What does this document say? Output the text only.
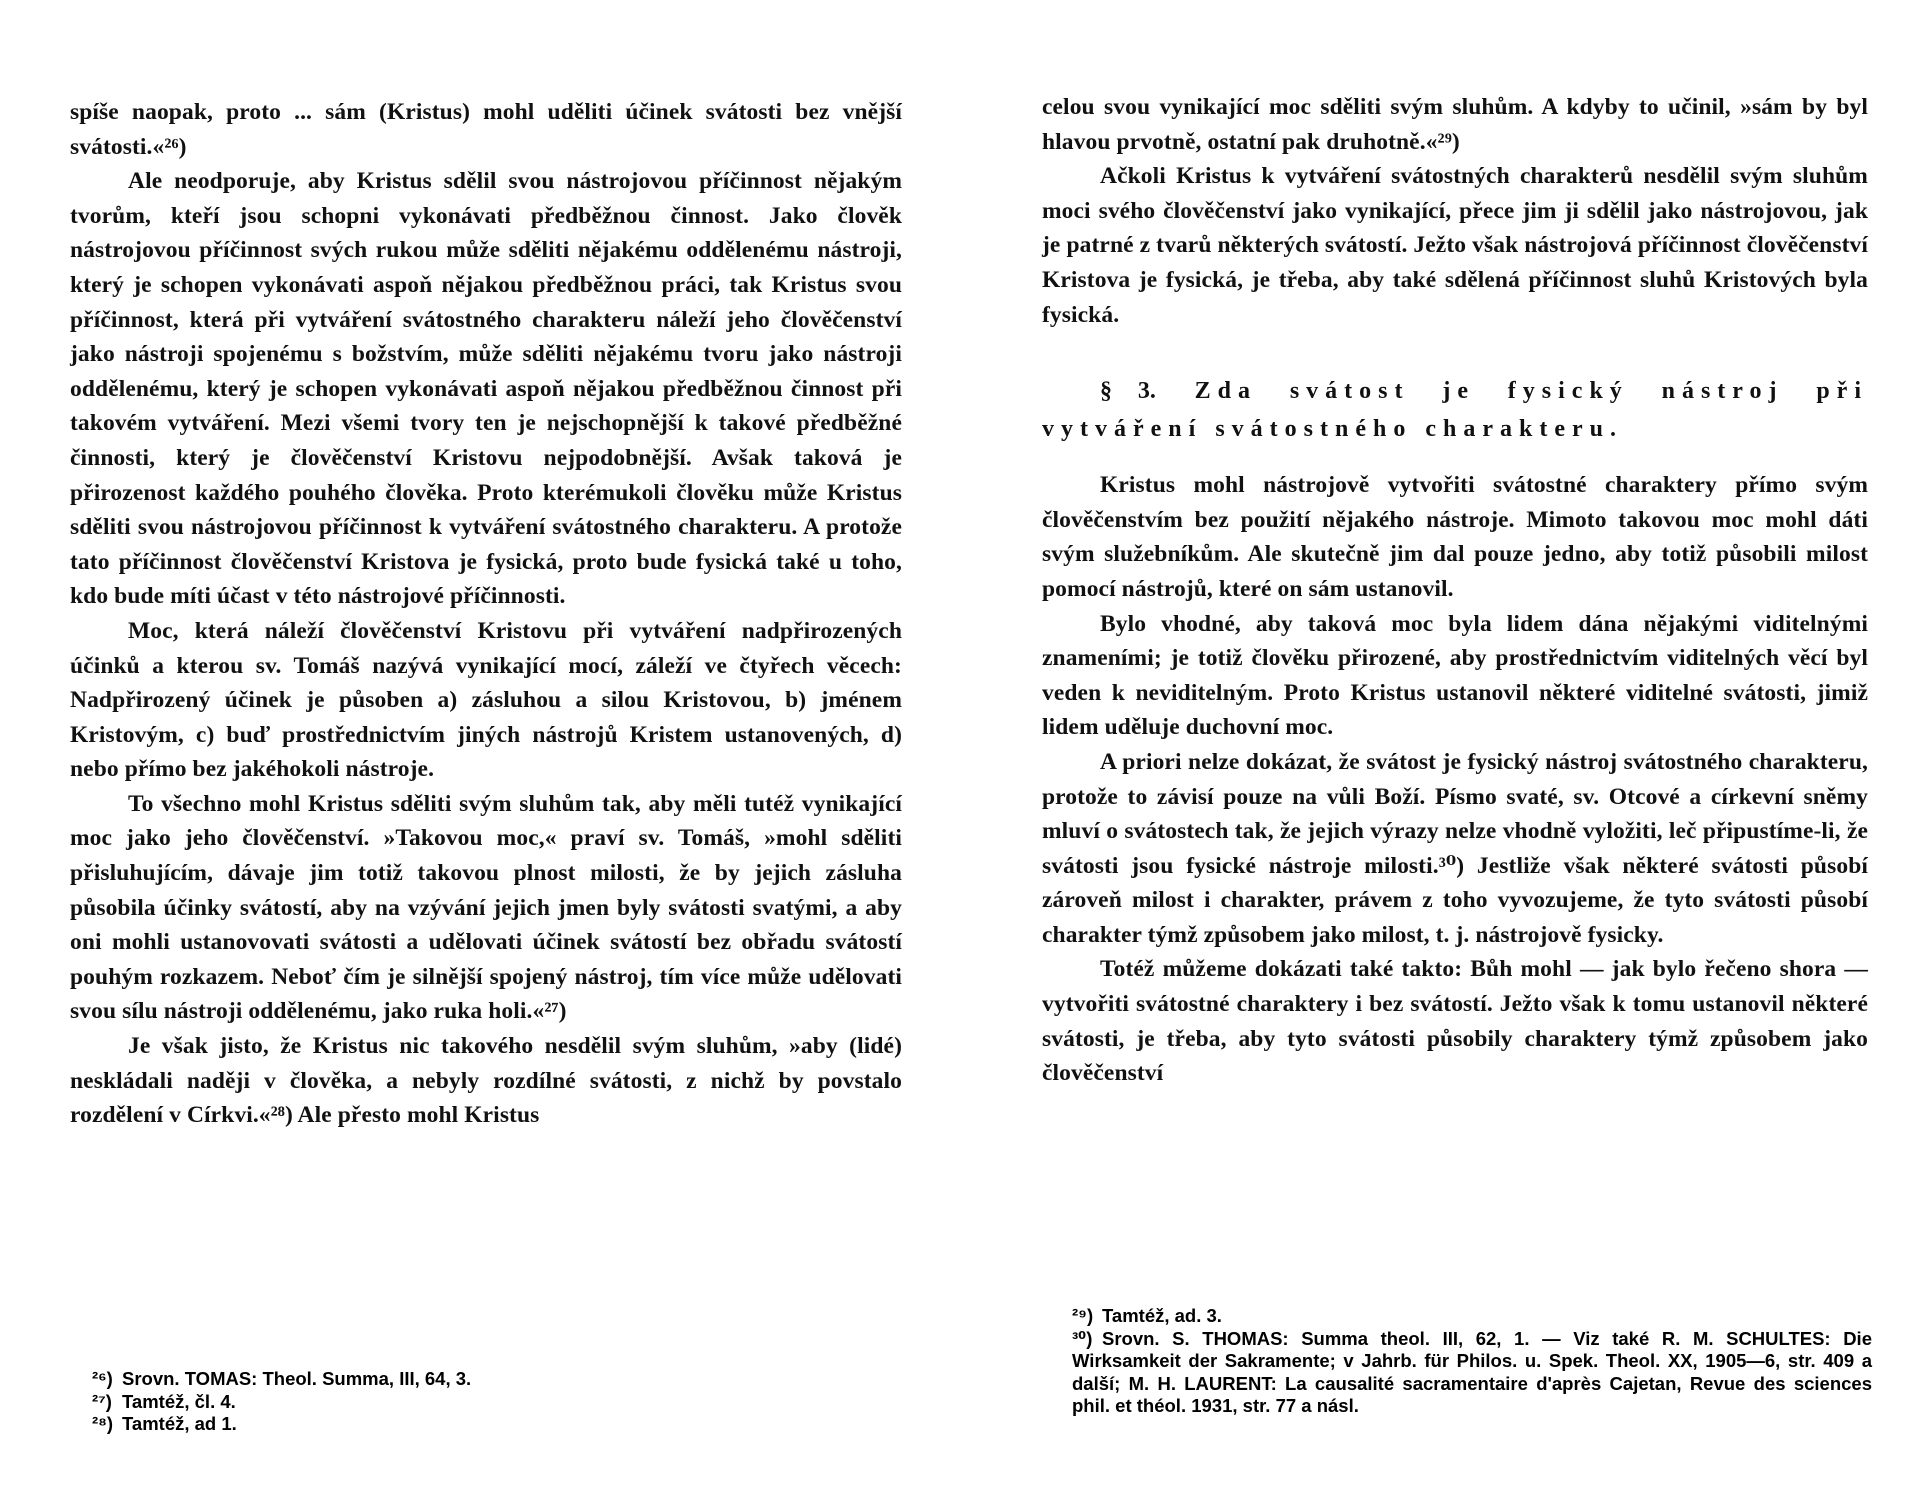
spíše naopak, proto ... sám (Kristus) mohl uděliti účinek svátosti bez vnější svátosti.«²⁶)

Ale neodporuje, aby Kristus sdělil svou nástrojovou příčinnost nějakým tvorům, kteří jsou schopni vykonávati předběžnou činnost. Jako člověk nástrojovou příčinnost svých rukou může sděliti nějakému oddělenému nástroji, který je schopen vykonávati aspoň nějakou předběžnou práci, tak Kristus svou příčinnost, která při vytváření svátostného charakteru náleží jeho člověčenství jako nástroji spojenému s božstvím, může sděliti nějakému tvoru jako nástroji oddělenému, který je schopen vykonávati aspoň nějakou předběžnou činnost při takovém vytváření. Mezi všemi tvory ten je nejschopnější k takové předběžné činnosti, který je člověčenství Kristovu nejpodobnější. Avšak taková je přirozenost každého pouhého člověka. Proto kterémukoli člověku může Kristus sděliti svou nástrojovou příčinnost k vytváření svátostného charakteru. A protože tato příčinnost člověčenství Kristova je fysická, proto bude fysická také u toho, kdo bude míti účast v této nástrojové příčinnosti.

Moc, která náleží člověčenství Kristovu při vytváření nadpřirozených účinků a kterou sv. Tomáš nazývá vynikající mocí, záleží ve čtyřech věcech: Nadpřirozený účinek je působen a) zásluhou a silou Kristovou, b) jménem Kristovým, c) buď prostřednictvím jiných nástrojů Kristem ustanovených, d) nebo přímo bez jakéhokoli nástroje.

To všechno mohl Kristus sděliti svým sluhům tak, aby měli tutéž vynikající moc jako jeho člověčenství. »Takovou moc,« praví sv. Tomáš, »mohl sděliti přisluhujícím, dávaje jim totiž takovou plnost milosti, že by jejich zásluha působila účinky svátostí, aby na vzývání jejich jmen byly svátosti svatými, a aby oni mohli ustanovovati svátosti a udělovati účinek svátostí bez obřadu svátostí pouhým rozkazem. Neboť čím je silnější spojený nástroj, tím více může udělovati svou sílu nástroji oddělenému, jako ruka holi.«²⁷)

Je však jisto, že Kristus nic takového nesdělil svým sluhům, »aby (lidé) neskládali naději v člověka, a nebyly rozdílné svátosti, z nichž by povstalo rozdělení v Církvi.«²⁸) Ale přesto mohl Kristus

²⁶) Srovn. TOMAS: Theol. Summa, III, 64, 3.

²⁷) Tamtéž, čl. 4.

²⁸) Tamtéž, ad 1.

celou svou vynikající moc sděliti svým sluhům. A kdyby to učinil, »sám by byl hlavou prvotně, ostatní pak druhotně.«²⁹)

Ačkoli Kristus k vytváření svátostných charakterů nesdělil svým sluhům moci svého člověčenství jako vynikající, přece jim ji sdělil jako nástrojovou, jak je patrné z tvarů některých svátostí. Ježto však nástrojová příčinnost člověčenství Kristova je fysická, je třeba, aby také sdělená příčinnost sluhů Kristových byla fysická.

§ 3. Zda svátost je fysický nástroj při vytváření svátostného charakteru.

Kristus mohl nástrojově vytvořiti svátostné charaktery přímo svým člověčenstvím bez použití nějakého nástroje. Mimoto takovou moc mohl dáti svým služebníkům. Ale skutečně jim dal pouze jedno, aby totiž působili milost pomocí nástrojů, které on sám ustanovil.

Bylo vhodné, aby taková moc byla lidem dána nějakými viditelnými znameními; je totiž člověku přirozené, aby prostřednictvím viditelných věcí byl veden k neviditelným. Proto Kristus ustanovil některé viditelné svátosti, jimiž lidem uděluje duchovní moc.

A priori nelze dokázat, že svátost je fysický nástroj svátostného charakteru, protože to závisí pouze na vůli Boží. Písmo svaté, sv. Otcové a církevní sněmy mluví o svátostech tak, že jejich výrazy nelze vhodně vyložiti, leč připustíme-li, že svátosti jsou fysické nástroje milosti.³⁰) Jestliže však některé svátosti působí zároveň milost i charakter, právem z toho vyvozujeme, že tyto svátosti působí charakter týmž způsobem jako milost, t. j. nástrojově fysicky.

Totéž můžeme dokázati také takto: Bůh mohl — jak bylo řečeno shora — vytvořiti svátostné charaktery i bez svátostí. Ježto však k tomu ustanovil některé svátosti, je třeba, aby tyto svátosti působily charaktery týmž způsobem jako člověčenství

²⁹) Tamtéž, ad. 3.

³⁰) Srovn. S. THOMAS: Summa theol. III, 62, 1. — Viz také R. M. SCHULTES: Die Wirksamkeit der Sakramente; v Jahrb. für Philos. u. Spek. Theol. XX, 1905—6, str. 409 a další; M. H. LAURENT: La causalité sacramentaire d'après Cajetan, Revue des sciences phil. et théol. 1931, str. 77 a násl.
